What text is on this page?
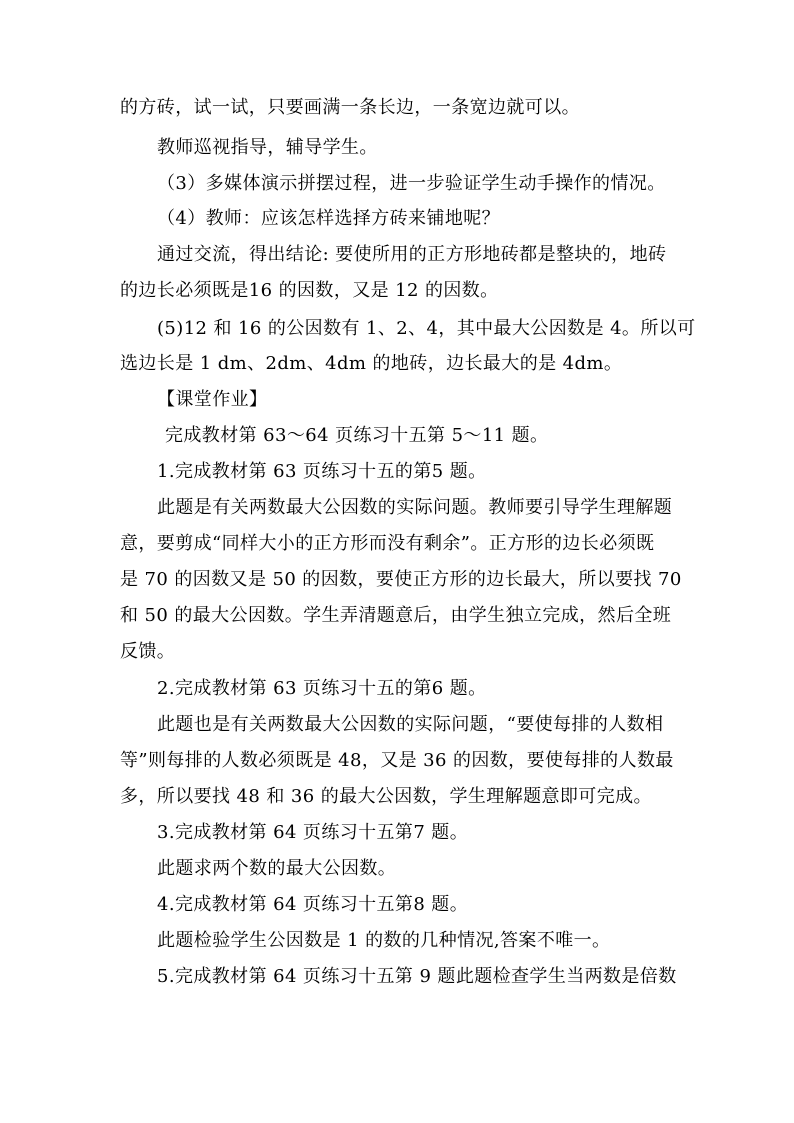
的方砖，试一试，只要画满一条长边，一条宽边就可以。
教师巡视指导，辅导学生。
（3）多媒体演示拼摆过程，进一步验证学生动手操作的情况。
（4）教师：应该怎样选择方砖来铺地呢？
通过交流，得出结论: 要使所用的正方形地砖都是整块的，地砖
的边长必须既是16 的因数，又是 12 的因数。
(5)12 和 16 的公因数有 1、2、4，其中最大公因数是 4。所以可
选边长是 1 dm、2dm、4dm 的地砖，边长最大的是 4dm。
【课堂作业】
完成教材第 63～64 页练习十五第 5～11 题。
1.完成教材第 63 页练习十五的第5 题。
此题是有关两数最大公因数的实际问题。教师要引导学生理解题
意，要剪成“同样大小的正方形而没有剩余”。正方形的边长必须既
是 70 的因数又是 50 的因数，要使正方形的边长最大，所以要找 70
和 50 的最大公因数。学生弄清题意后，由学生独立完成，然后全班
反馈。
2.完成教材第 63 页练习十五的第6 题。
此题也是有关两数最大公因数的实际问题，“要使每排的人数相
等”则每排的人数必须既是 48，又是 36 的因数，要使每排的人数最
多，所以要找 48 和 36 的最大公因数，学生理解题意即可完成。
3.完成教材第 64 页练习十五第7 题。
此题求两个数的最大公因数。
4.完成教材第 64 页练习十五第8 题。
此题检验学生公因数是 1 的数的几种情况,答案不唯一。
5.完成教材第 64 页练习十五第 9 题此题检查学生当两数是倍数
